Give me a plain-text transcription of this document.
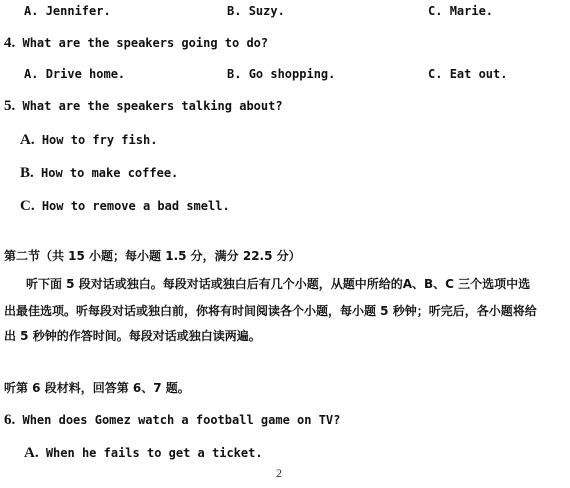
A. Jennifer.	B. Suzy.	C. Marie.
4. What are the speakers going to do?
A. Drive home.	B. Go shopping.	C. Eat out.
5. What are the speakers talking about?
A. How to fry fish.
B. How to make coffee.
C. How to remove a bad smell.
第二节（共 15 小题；每小题 1.5 分，满分 22.5 分）
听下面 5 段对话或独白。每段对话或独白后有几个小题，从题中所给的A、B、C 三个选项中选
出最佳选项。听每段对话或独白前，你将有时间阅读各个小题，每小题 5 秒钟；听完后，各小题将给
出 5 秒钟的作答时间。每段对话或独白读两遍。
听第 6 段材料，回答第 6、7 题。
6. When does Gomez watch a football game on TV?
A. When he fails to get a ticket.
2
